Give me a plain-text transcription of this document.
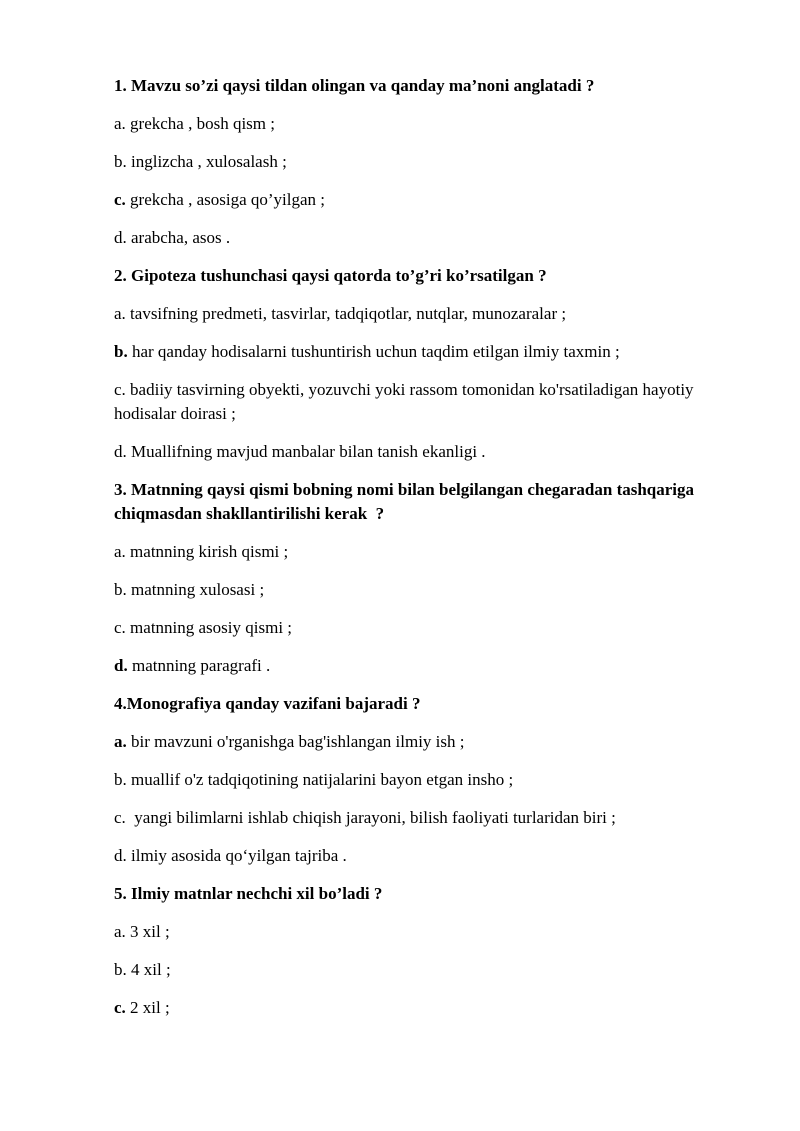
1. Mavzu so’zi qaysi tildan olingan va qanday ma’noni anglatadi ?
a. grekcha , bosh qism ;
b. inglizcha , xulosalash ;
c. grekcha , asosiga qo’yilgan ;
d. arabcha, asos .
2. Gipoteza tushunchasi qaysi qatorda to’g’ri ko’rsatilgan ?
a. tavsifning predmeti, tasvirlar, tadqiqotlar, nutqlar, munozaralar ;
b. har qanday hodisalarni tushuntirish uchun taqdim etilgan ilmiy taxmin ;
c. badiiy tasvirning obyekti, yozuvchi yoki rassom tomonidan ko'rsatiladigan hayotiy hodisalar doirasi ;
d. Muallifning mavjud manbalar bilan tanish ekanligi .
3. Matnning qaysi qismi bobning nomi bilan belgilangan chegaradan tashqariga chiqmasdan shakllantirilishi kerak  ?
a. matnning kirish qismi ;
b. matnning xulosasi ;
c. matnning asosiy qismi ;
d. matnning paragrafi .
4.Monografiya qanday vazifani bajaradi ?
a. bir mavzuni o'rganishga bag'ishlangan ilmiy ish ;
b. muallif o'z tadqiqotining natijalarini bayon etgan insho ;
c.  yangi bilimlarni ishlab chiqish jarayoni, bilish faoliyati turlaridan biri ;
d. ilmiy asosida qo‘yilgan tajriba .
5. Ilmiy matnlar nechchi xil bo’ladi ?
a. 3 xil ;
b. 4 xil ;
c. 2 xil ;
